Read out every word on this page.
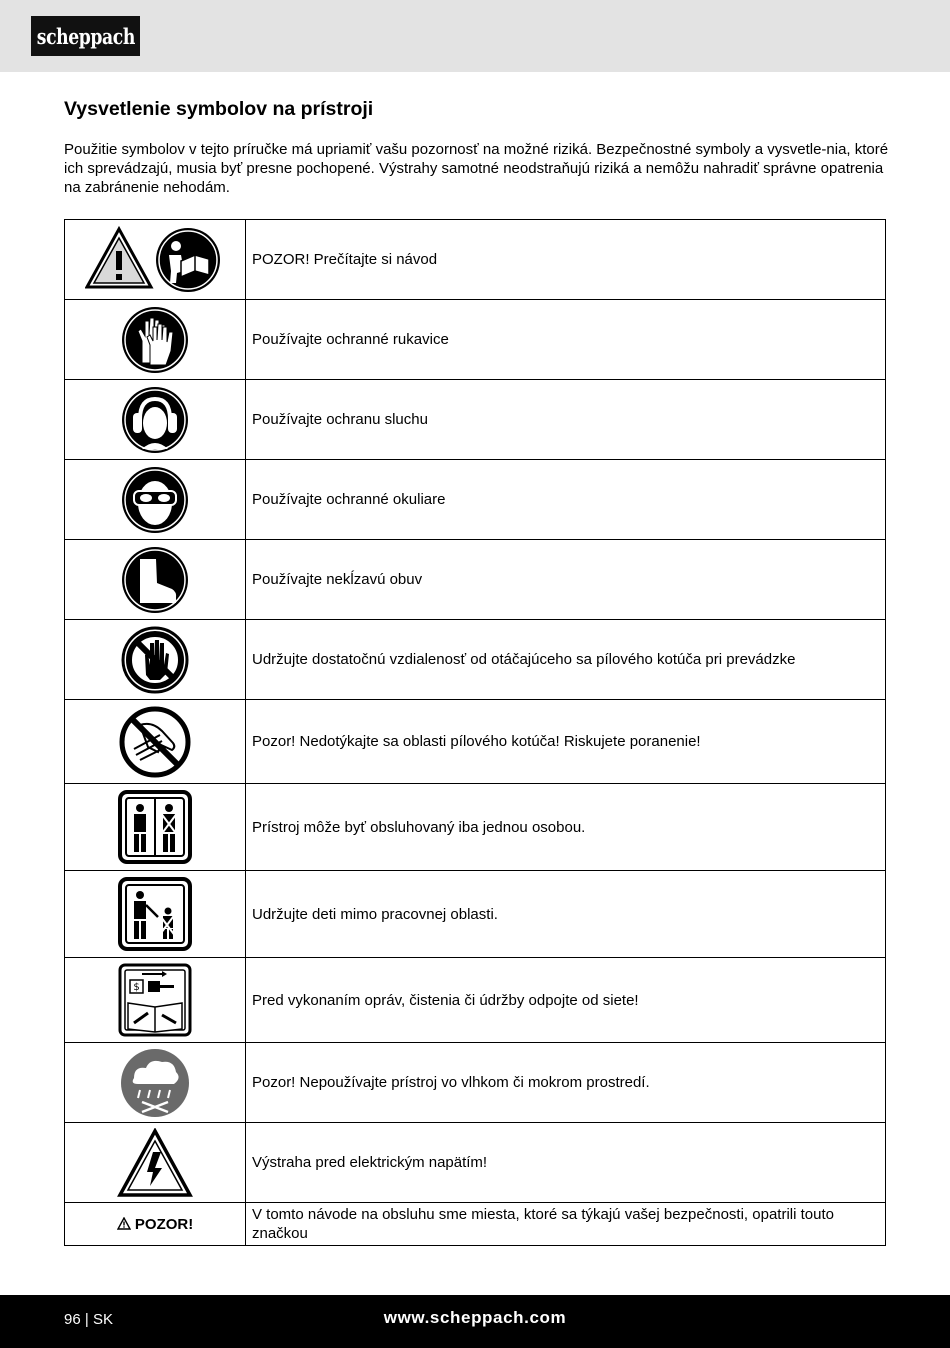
scheppach
Vysvetlenie symbolov na prístroji

Použitie symbolov v tejto príručke má upriamiť vašu pozornosť na možné riziká. Bezpečnostné symboly a vysvetle-nia, ktoré ich sprevádzajú, musia byť presne pochopené. Výstrahy samotné neodstraňujú riziká a nemôžu nahradiť správne opatrenia na zabránenie nehodám.

	POZOR! Prečítajte si návod

	Používajte ochranné rukavice

	Používajte ochranu sluchu

	Používajte ochranné okuliare

	Používajte nekĺzavú obuv

	Udržujte dostatočnú vzdialenosť od otáčajúceho sa pílového kotúča pri prevádzke

	Pozor! Nedotýkajte sa oblasti pílového kotúča! Riskujete poranenie!

	Prístroj môže byť obsluhovaný iba jednou osobou.

	Udržujte deti mimo pracovnej oblasti.

$	Pred vykonaním opráv, čistenia či údržby odpojte od siete!

	Pozor! Nepoužívajte prístroj vo vlhkom či mokrom prostredí.

	Výstraha pred elektrickým napätím!
POZOR!	V tomto návode na obsluhu sme miesta, ktoré sa týkajú vašej bezpečnosti, opatrili touto značkou
96 | SK	www.scheppach.com
